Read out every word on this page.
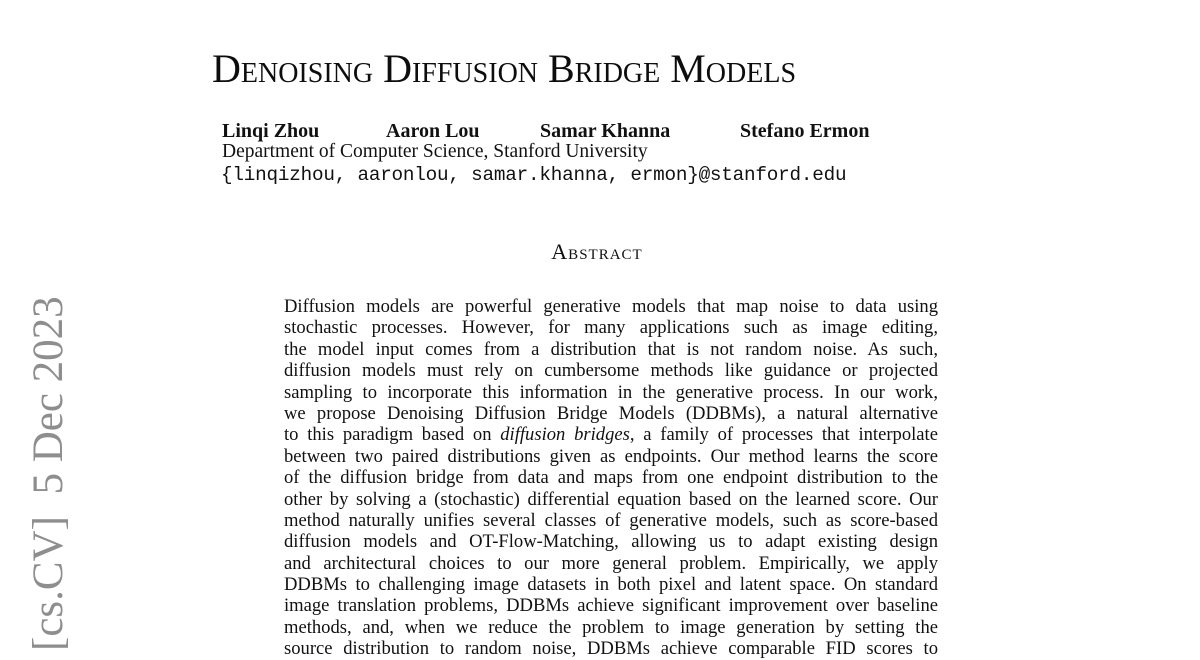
[cs.CV]  5 Dec 2023
Denoising Diffusion Bridge Models
Linqi Zhou	Aaron Lou	Samar Khanna	Stefano Ermon
Department of Computer Science, Stanford University
{linqizhou, aaronlou, samar.khanna, ermon}@stanford.edu
Abstract
Diffusion models are powerful generative models that map noise to data using
stochastic processes. However, for many applications such as image editing,
the model input comes from a distribution that is not random noise. As such,
diffusion models must rely on cumbersome methods like guidance or projected
sampling to incorporate this information in the generative process. In our work,
we propose Denoising Diffusion Bridge Models (DDBMs), a natural alternative
to this paradigm based on diffusion bridges, a family of processes that interpolate
between two paired distributions given as endpoints. Our method learns the score
of the diffusion bridge from data and maps from one endpoint distribution to the
other by solving a (stochastic) differential equation based on the learned score. Our
method naturally unifies several classes of generative models, such as score-based
diffusion models and OT-Flow-Matching, allowing us to adapt existing design
and architectural choices to our more general problem. Empirically, we apply
DDBMs to challenging image datasets in both pixel and latent space. On standard
image translation problems, DDBMs achieve significant improvement over baseline
methods, and, when we reduce the problem to image generation by setting the
source distribution to random noise, DDBMs achieve comparable FID scores to
